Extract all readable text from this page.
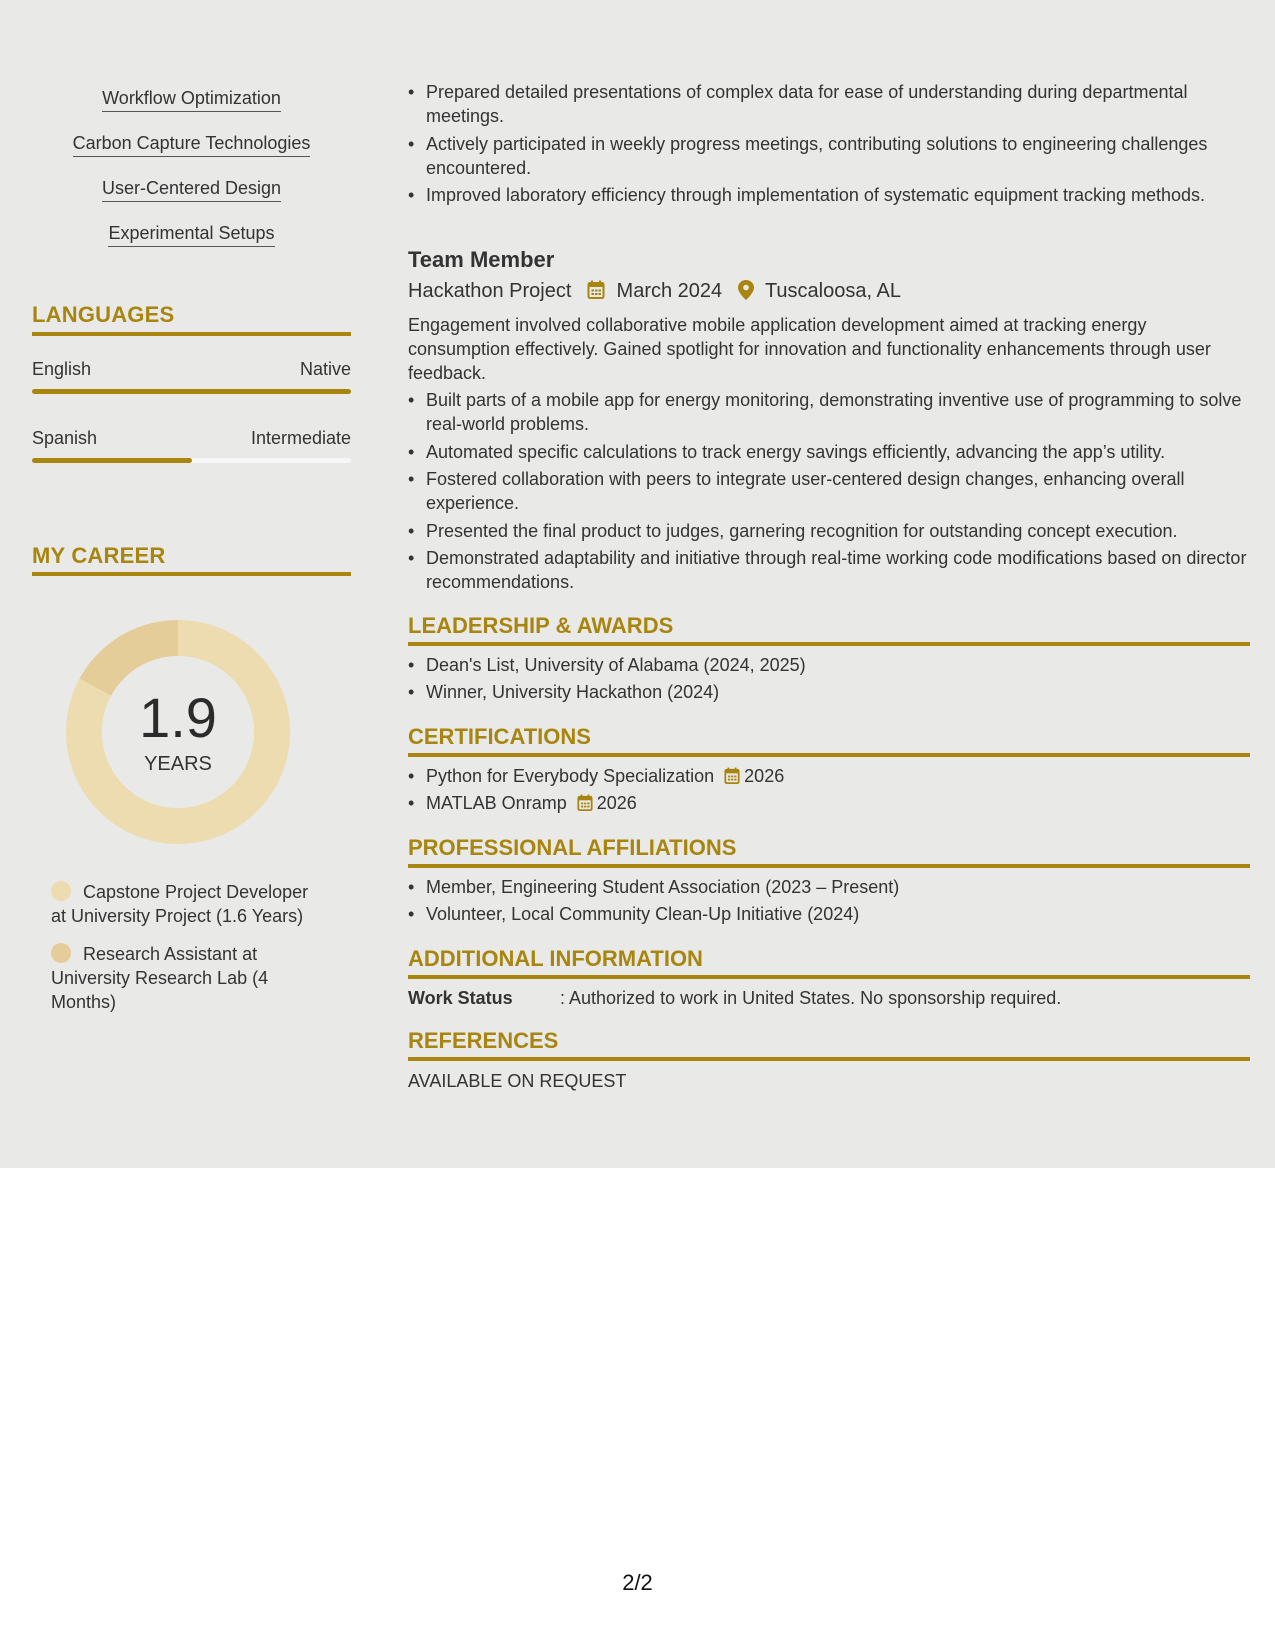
Workflow Optimization
Carbon Capture Technologies
User-Centered Design
Experimental Setups
LANGUAGES
English	Native
Spanish	Intermediate
MY CAREER
1.9
YEARS
Capstone Project Developer at University Project (1.6 Years)
Research Assistant at University Research Lab (4 Months)
• Prepared detailed presentations of complex data for ease of understanding during departmental meetings.
• Actively participated in weekly progress meetings, contributing solutions to engineering challenges encountered.
• Improved laboratory efficiency through implementation of systematic equipment tracking methods.
Team Member
Hackathon Project March 2024 Tuscaloosa, AL
Engagement involved collaborative mobile application development aimed at tracking energy consumption effectively. Gained spotlight for innovation and functionality enhancements through user feedback.
• Built parts of a mobile app for energy monitoring, demonstrating inventive use of programming to solve real-world problems.
• Automated specific calculations to track energy savings efficiently, advancing the app’s utility.
• Fostered collaboration with peers to integrate user-centered design changes, enhancing overall experience.
• Presented the final product to judges, garnering recognition for outstanding concept execution.
• Demonstrated adaptability and initiative through real-time working code modifications based on director recommendations.
LEADERSHIP & AWARDS
• Dean's List, University of Alabama (2024, 2025)
• Winner, University Hackathon (2024)
CERTIFICATIONS
• Python for Everybody Specialization 2026
• MATLAB Onramp 2026
PROFESSIONAL AFFILIATIONS
• Member, Engineering Student Association (2023 – Present)
• Volunteer, Local Community Clean-Up Initiative (2024)
ADDITIONAL INFORMATION
Work Status	: Authorized to work in United States. No sponsorship required.
REFERENCES
AVAILABLE ON REQUEST
2/2
